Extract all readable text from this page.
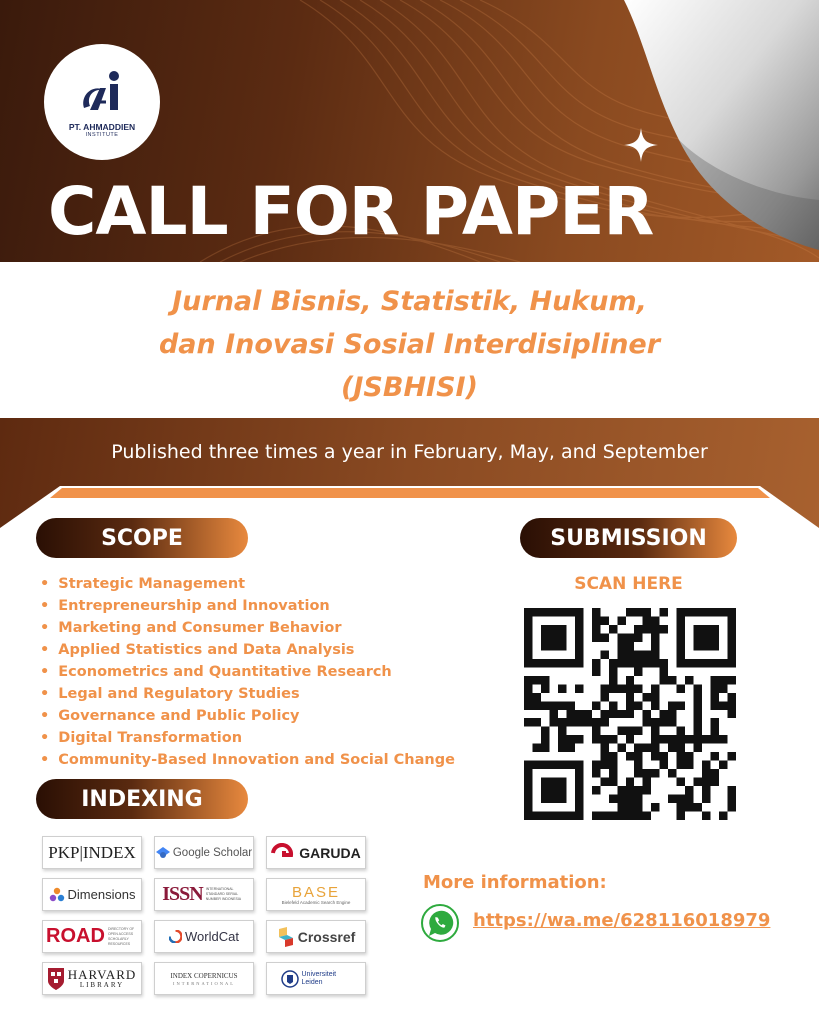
PT. AHMADDIEN
INSTITUTE
CALL FOR PAPER
Jurnal Bisnis, Statistik, Hukum,
dan Inovasi Sosial Interdisipliner
(JSBHISI)
Published three times a year in February, May, and September
SCOPE
• Strategic Management
• Entrepreneurship and Innovation
• Marketing and Consumer Behavior
• Applied Statistics and Data Analysis
• Econometrics and Quantitative Research
• Legal and Regulatory Studies
• Governance and Public Policy
• Digital Transformation
• Community-Based Innovation and Social Change
SUBMISSION
SCAN HERE
INDEXING
PKP|INDEX	Google Scholar	GARUDA
Dimensions ISSN INTERNATIONAL STANDARD SERIAL NUMBER INDONESIA	BASE
Bielefeld Academic Search Engine
ROAD DIRECTORY OF OPEN ACCESS SCHOLARLY RESOURCES	WorldCat	Crossref
HARVARD
LIBRARY
INDEX COPERNICUS
INTERNATIONAL
Universiteit Leiden
More information:
https://wa.me/628116018979
